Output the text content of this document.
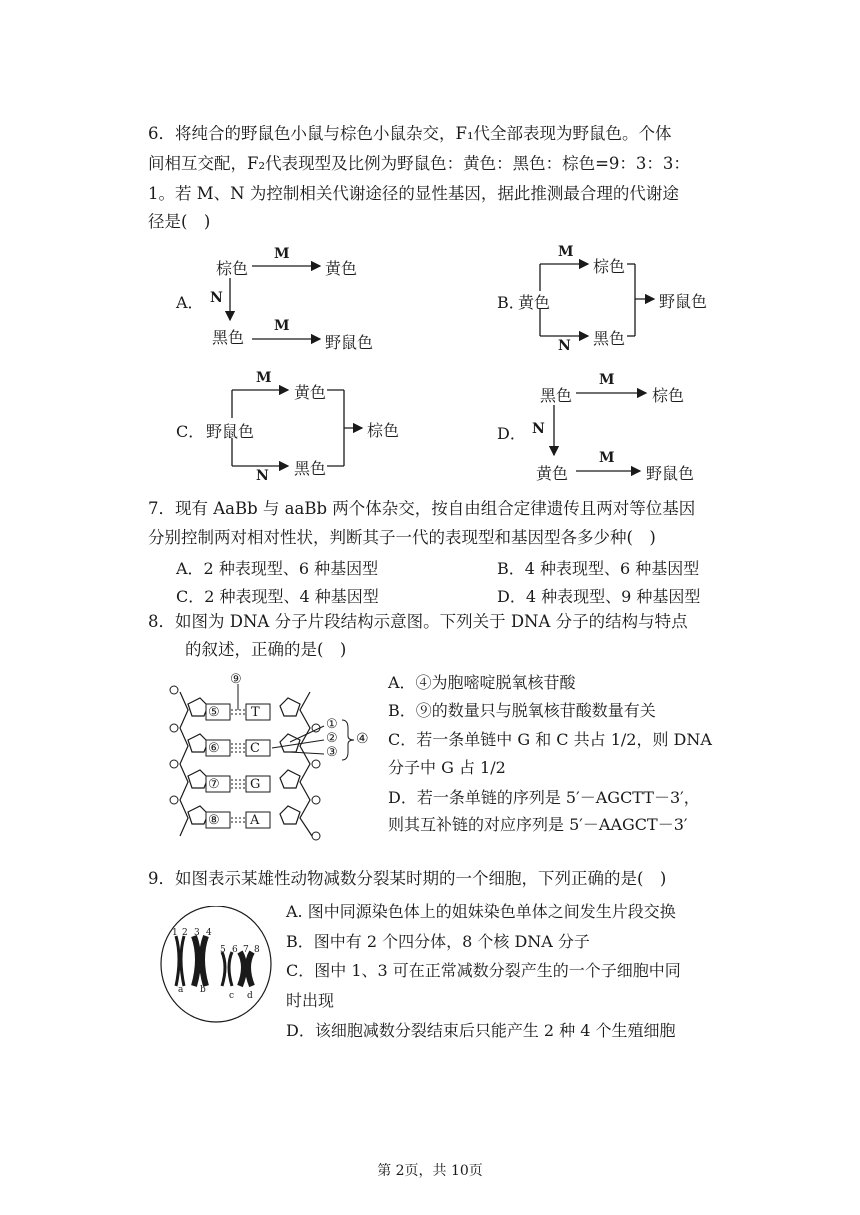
6．将纯合的野鼠色小鼠与棕色小鼠杂交，F₁代全部表现为野鼠色。个体
间相互交配，F₂代表现型及比例为野鼠色：黄色：黑色：棕色=9：3：3：
1。若 M、N 为控制相关代谢途径的显性基因，据此推测最合理的代谢途
径是(　)
A．
棕色	黄色
黑色	野鼠色
M
N
M
B．
黄色
棕色
黑色
野鼠色
M
N
C． 野鼠色
黄色
黑色
棕色
M
N
D．
黑色	棕色
黄色	野鼠色
M
N
M
7．现有 AaBb 与 aaBb 两个体杂交，按自由组合定律遗传且两对等位基因
分别控制两对相对性状，判断其子一代的表现型和基因型各多少种(　)
A．2 种表现型、6 种基因型	B．4 种表现型、6 种基因型
C．2 种表现型、4 种基因型	D．4 种表现型、9 种基因型
8．如图为 DNA 分子片段结构示意图。下列关于 DNA 分子的结构与特点
的叙述，正确的是(　)
A．④为胞嘧啶脱氧核苷酸
B．⑨的数量只与脱氧核苷酸数量有关
C．若一条单链中 G 和 C 共占 1/2，则 DNA
分子中 G 占 1/2
D．若一条单链的序列是 5′－AGCTT－3′，
则其互补链的对应序列是 5′－AAGCT－3′
⑨
⑤
⑥
⑦
⑧
T
C
G
A
①
②
③
④
9．如图表示某雄性动物减数分裂某时期的一个细胞，下列正确的是(　)
A. 图中同源染色体上的姐妹染色单体之间发生片段交换
B．图中有 2 个四分体，8 个核 DNA 分子
C．图中 1、3 可在正常减数分裂产生的一个子细胞中同
时出现
D．该细胞减数分裂结束后只能产生 2 种 4 个生殖细胞
1 2 3 4
5 6 7 8
a b
c d
第 2页，共 10页
